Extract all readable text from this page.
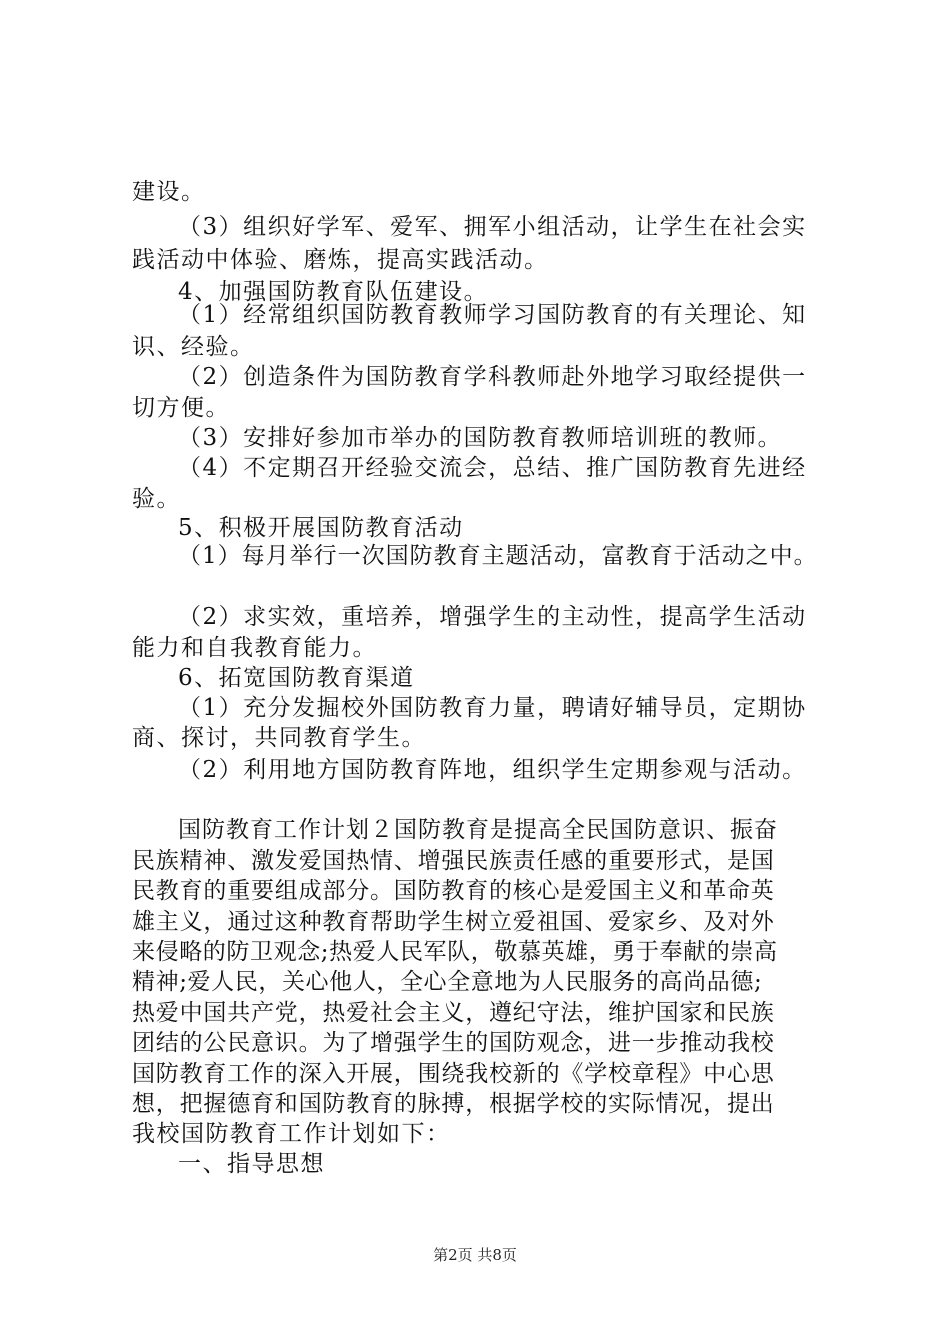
建设。
（3）组织好学军、爱军、拥军小组活动，让学生在社会实
践活动中体验、磨炼，提高实践活动。
4、加强国防教育队伍建设。
（1）经常组织国防教育教师学习国防教育的有关理论、知
识、经验。
（2）创造条件为国防教育学科教师赴外地学习取经提供一
切方便。
（3）安排好参加市举办的国防教育教师培训班的教师。
（4）不定期召开经验交流会，总结、推广国防教育先进经
验。
5、积极开展国防教育活动
（1）每月举行一次国防教育主题活动，富教育于活动之中。
（2）求实效，重培养，增强学生的主动性，提高学生活动
能力和自我教育能力。
6、拓宽国防教育渠道
（1）充分发掘校外国防教育力量，聘请好辅导员，定期协
商、探讨，共同教育学生。
（2）利用地方国防教育阵地，组织学生定期参观与活动。
国防教育工作计划２国防教育是提高全民国防意识、振奋
民族精神、激发爱国热情、增强民族责任感的重要形式，是国
民教育的重要组成部分。国防教育的核心是爱国主义和革命英
雄主义，通过这种教育帮助学生树立爱祖国、爱家乡、及对外
来侵略的防卫观念;热爱人民军队，敬慕英雄，勇于奉献的崇高
精神;爱人民，关心他人，全心全意地为人民服务的高尚品德;
热爱中国共产党，热爱社会主义，遵纪守法，维护国家和民族
团结的公民意识。为了增强学生的国防观念，进一步推动我校
国防教育工作的深入开展，围绕我校新的《学校章程》中心思
想，把握德育和国防教育的脉搏，根据学校的实际情况，提出
我校国防教育工作计划如下：
一、指导思想
第2页 共8页
